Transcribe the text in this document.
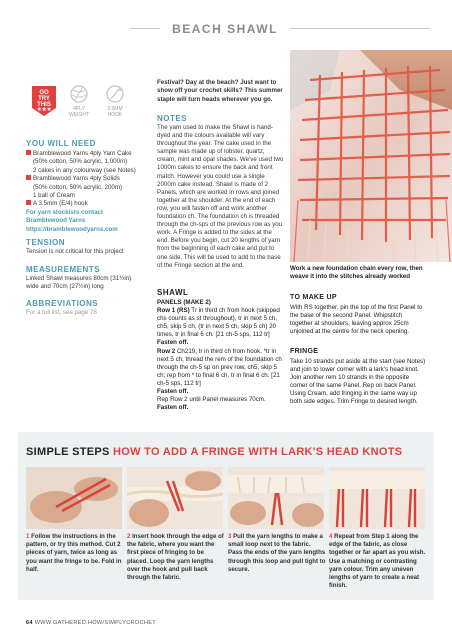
BEACH SHAWL
GO
TRY
THIS
★★★	4PLY
WEIGHT
3.5MM
HOOK
YOU WILL NEED
Bramblewood Yarns 4ply Yarn Cake
(50% cotton, 50% acrylic, 1,000m)
2 cakes in any colourway (see Notes)
Bramblewood Yarns 4ply Solids
(50% cotton, 50% acrylic, 200m)
1 ball of Cream
A 3.5mm (E/4) hook
For yarn stockists contact
Bramblewood Yarns
https://bramblewoodyarns.com
TENSION
Tension is not critical for this project
MEASUREMENTS
Linked Shawl measures 80cm (31½in)
wide and 70cm (27½in) long
ABBREVIATIONS
For a full list, see page 78
Festival? Day at the beach? Just want to show off your crochet skills? This summer staple will turn heads wherever you go.
NOTES
The yarn used to make the Shawl is hand-dyed and the colours available will vary throughout the year. The cake used in the sample was made up of lobster, quartz, cream, mint and opal shades. We've used two 1000m cakes to ensure the back and front match. However you could use a single 2000m cake instead. Shawl is made of 2 Panels, which are worked in rows and joined together at the shoulder. At the end of each row, you will fasten off and work another foundation ch. The foundation ch is threaded through the ch-sps of the previous row as you work. A Fringe is added to the sides at the end. Before you begin, cut 20 lengths of yarn from the beginning of each cake and put to one side. This will be used to add to the base of the Fringe section at the end.
SHAWL
PANELS (MAKE 2)
Row 1 (RS) Tr in third ch from hook (skipped chs counts as st throughout), tr in next 5 ch, ch5, skip 5 ch, (tr in next 5 ch, skip 5 ch) 20 times, tr in final 6 ch. [21 ch-5 sps, 112 tr]
Fasten off.
Row 2 Ch219, tr in third ch from hook, *tr in next 5 ch, thread the rem of the foundation ch through the ch-5 sp on prev row, ch5, skip 5 ch; rep from * to final 6 ch, tr in final 6 ch. [21 ch-5 sps, 112 tr]
Fasten off.
Rep Row 2 until Panel measures 70cm.
Fasten off.
Work a new foundation chain every row, then weave it into the stitches already worked
TO MAKE UP
With RS together, pin the top of the first Panel to the base of the second Panel. Whipstitch together at shoulders, leaving approx 25cm unjoined at the centre for the neck opening.
FRINGE
Take 10 strands put aside at the start (see Notes) and join to lower corner with a lark's head knot. Join another rem 10 strands in the opposite corner of the same Panel. Rep on back Panel. Using Cream, add fringing in the same way up both side edges. Trim Fringe to desired length.
SIMPLE STEPS HOW TO ADD A FRINGE WITH LARK'S HEAD KNOTS
1 Follow the instructions in the pattern, or try this method. Cut 2 pieces of yarn, twice as long as you want the fringe to be. Fold in half.
2 Insert hook through the edge of the fabric, where you want the first piece of fringing to be placed. Loop the yarn lengths over the hook and pull back through the fabric.
3 Pull the yarn lengths to make a small loop next to the fabric. Pass the ends of the yarn lengths through this loop and pull tight to secure.
4 Repeat from Step 1 along the edge of the fabric, as close together or far apart as you wish. Use a matching or contrasting yarn colour. Trim any uneven lengths of yarn to create a neat finish.
64 WWW.GATHERED.HOW/SIMPLYCROCHET
